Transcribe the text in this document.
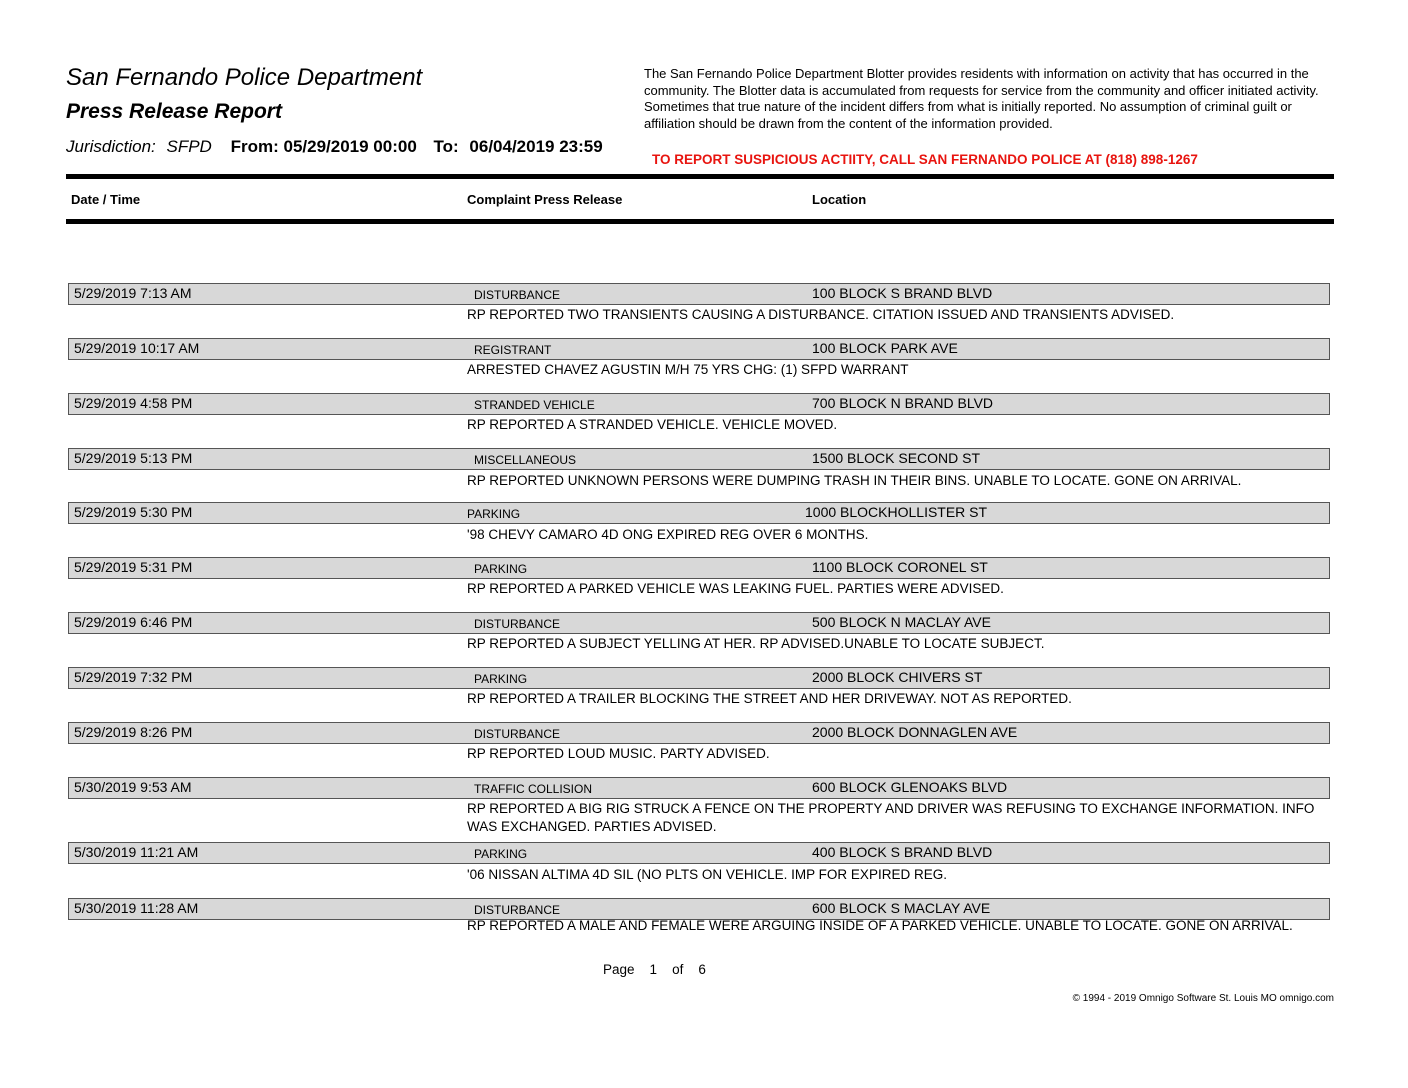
San Fernando Police Department
Press Release Report
Jurisdiction: SFPD From: 05/29/2019 00:00 To: 06/04/2019 23:59
The San Fernando Police Department Blotter provides residents with information on activity that has occurred in the community. The Blotter data is accumulated from requests for service from the community and officer initiated activity. Sometimes that true nature of the incident differs from what is initially reported. No assumption of criminal guilt or affiliation should be drawn from the content of the information provided.
TO REPORT SUSPICIOUS ACTIITY, CALL SAN FERNANDO POLICE AT (818) 898-1267
Date / Time	Complaint Press Release	Location
5/29/2019 7:13 AM	DISTURBANCE	100 BLOCK S BRAND BLVD
RP REPORTED TWO TRANSIENTS CAUSING A DISTURBANCE. CITATION ISSUED AND TRANSIENTS ADVISED.
5/29/2019 10:17 AM	REGISTRANT	100 BLOCK PARK AVE
ARRESTED CHAVEZ AGUSTIN M/H 75 YRS CHG: (1) SFPD WARRANT
5/29/2019 4:58 PM	STRANDED VEHICLE	700 BLOCK N BRAND BLVD
RP REPORTED A STRANDED VEHICLE. VEHICLE MOVED.
5/29/2019 5:13 PM	MISCELLANEOUS	1500 BLOCK SECOND ST
RP REPORTED UNKNOWN PERSONS WERE DUMPING TRASH IN THEIR BINS. UNABLE TO LOCATE. GONE ON ARRIVAL.
5/29/2019 5:30 PM	PARKING	1000 BLOCKHOLLISTER ST
'98 CHEVY CAMARO 4D ONG EXPIRED REG OVER 6 MONTHS.
5/29/2019 5:31 PM	PARKING	1100 BLOCK CORONEL ST
RP REPORTED A PARKED VEHICLE WAS LEAKING FUEL. PARTIES WERE ADVISED.
5/29/2019 6:46 PM	DISTURBANCE	500 BLOCK N MACLAY AVE
RP REPORTED A SUBJECT YELLING AT HER. RP ADVISED.UNABLE TO LOCATE SUBJECT.
5/29/2019 7:32 PM	PARKING	2000 BLOCK CHIVERS ST
RP REPORTED A TRAILER BLOCKING THE STREET AND HER DRIVEWAY. NOT AS REPORTED.
5/29/2019 8:26 PM	DISTURBANCE	2000 BLOCK DONNAGLEN AVE
RP REPORTED LOUD MUSIC. PARTY ADVISED.
5/30/2019 9:53 AM	TRAFFIC COLLISION	600 BLOCK GLENOAKS BLVD
RP REPORTED A BIG RIG STRUCK A FENCE ON THE PROPERTY AND DRIVER WAS REFUSING TO EXCHANGE INFORMATION. INFO WAS EXCHANGED. PARTIES ADVISED.
5/30/2019 11:21 AM	PARKING	400 BLOCK S BRAND BLVD
'06 NISSAN ALTIMA 4D SIL (NO PLTS ON VEHICLE. IMP FOR EXPIRED REG.
5/30/2019 11:28 AM	DISTURBANCE	600 BLOCK S MACLAY AVE
RP REPORTED A MALE AND FEMALE WERE ARGUING INSIDE OF A PARKED VEHICLE. UNABLE TO LOCATE. GONE ON ARRIVAL.
Page 1 of 6
© 1994 - 2019 Omnigo Software St. Louis MO omnigo.com
